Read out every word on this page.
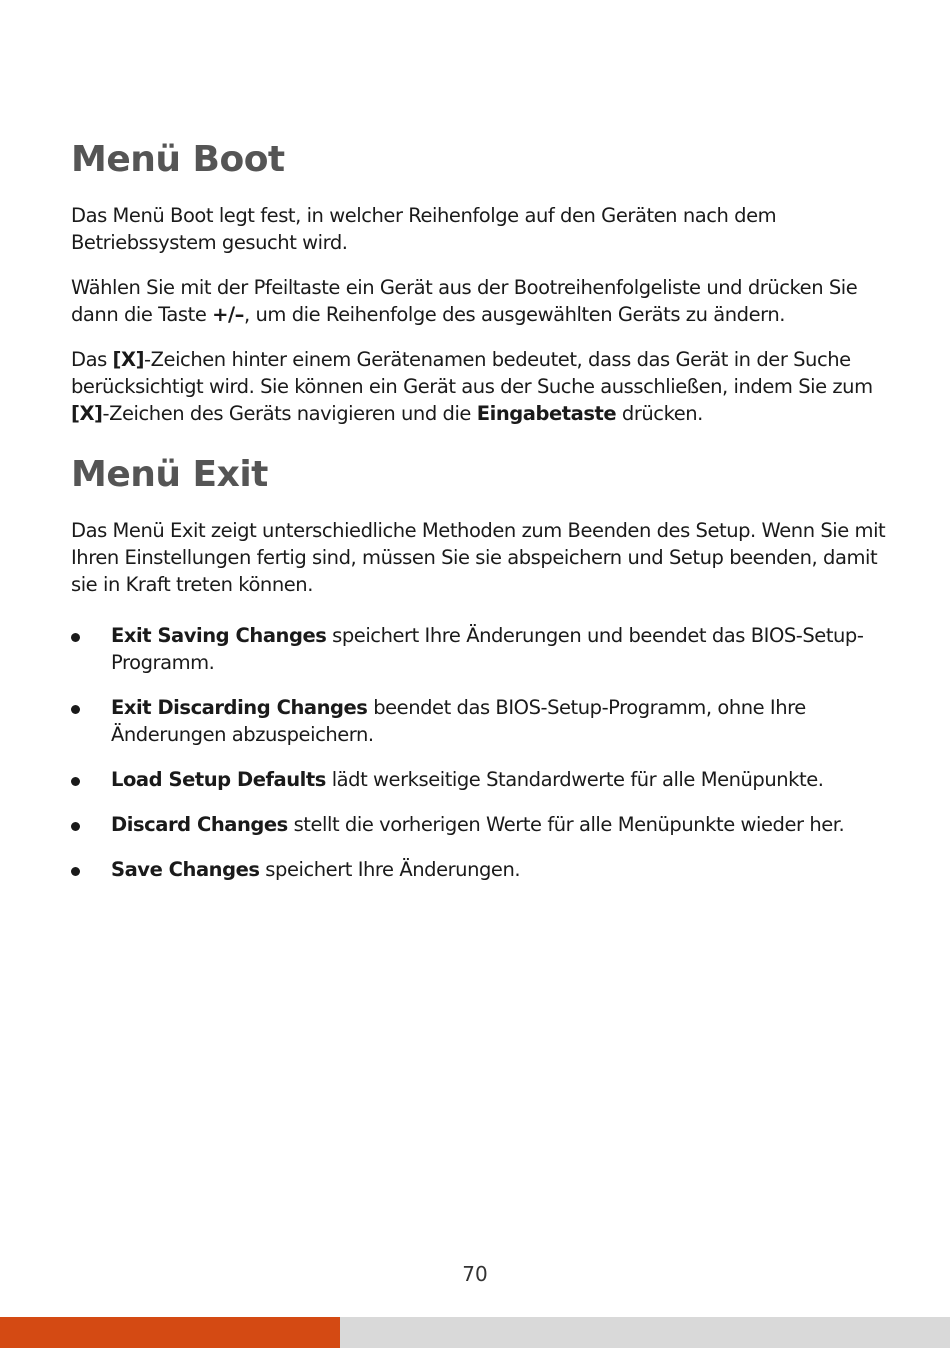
Menü Boot

Das Menü Boot legt fest, in welcher Reihenfolge auf den Geräten nach dem Betriebssystem gesucht wird.

Wählen Sie mit der Pfeiltaste ein Gerät aus der Bootreihenfolgeliste und drücken Sie dann die Taste +/–, um die Reihenfolge des ausgewählten Geräts zu ändern.

Das [X]-Zeichen hinter einem Gerätenamen bedeutet, dass das Gerät in der Suche berücksichtigt wird. Sie können ein Gerät aus der Suche ausschließen, indem Sie zum [X]-Zeichen des Geräts navigieren und die Eingabetaste drücken.

Menü Exit

Das Menü Exit zeigt unterschiedliche Methoden zum Beenden des Setup. Wenn Sie mit Ihren Einstellungen fertig sind, müssen Sie sie abspeichern und Setup beenden, damit sie in Kraft treten können.

Exit Saving Changes speichert Ihre Änderungen und beendet das BIOS-Setup-Programm.
Exit Discarding Changes beendet das BIOS-Setup-Programm, ohne Ihre Änderungen abzuspeichern.
Load Setup Defaults lädt werkseitige Standardwerte für alle Menüpunkte.
Discard Changes stellt die vorherigen Werte für alle Menüpunkte wieder her.
Save Changes speichert Ihre Änderungen.
70
